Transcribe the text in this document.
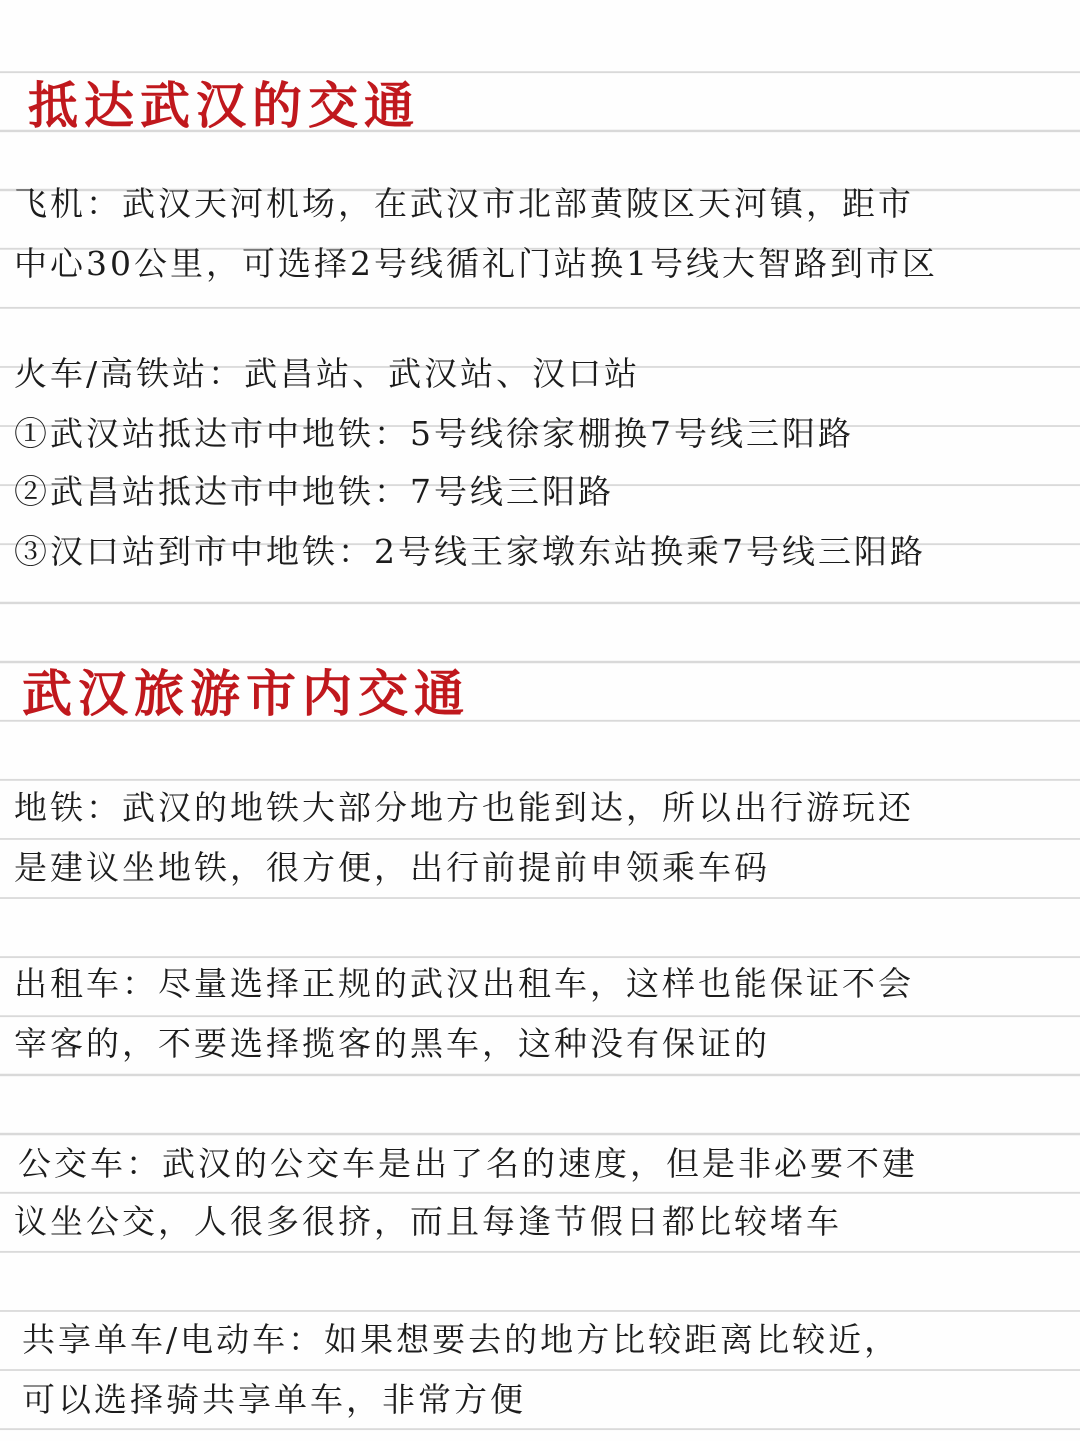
抵达武汉的交通
飞机：武汉天河机场，在武汉市北部黄陂区天河镇，距市
中心30公里，可选择2号线循礼门站换1号线大智路到市区
火车/高铁站：武昌站、武汉站、汉口站
①武汉站抵达市中地铁：5号线徐家棚换7号线三阳路
②武昌站抵达市中地铁：7号线三阳路
③汉口站到市中地铁：2号线王家墩东站换乘7号线三阳路
武汉旅游市内交通
地铁：武汉的地铁大部分地方也能到达，所以出行游玩还
是建议坐地铁，很方便，出行前提前申领乘车码
出租车：尽量选择正规的武汉出租车，这样也能保证不会
宰客的，不要选择揽客的黑车，这种没有保证的
公交车：武汉的公交车是出了名的速度，但是非必要不建
议坐公交，人很多很挤，而且每逢节假日都比较堵车
共享单车/电动车：如果想要去的地方比较距离比较近，
可以选择骑共享单车，非常方便
